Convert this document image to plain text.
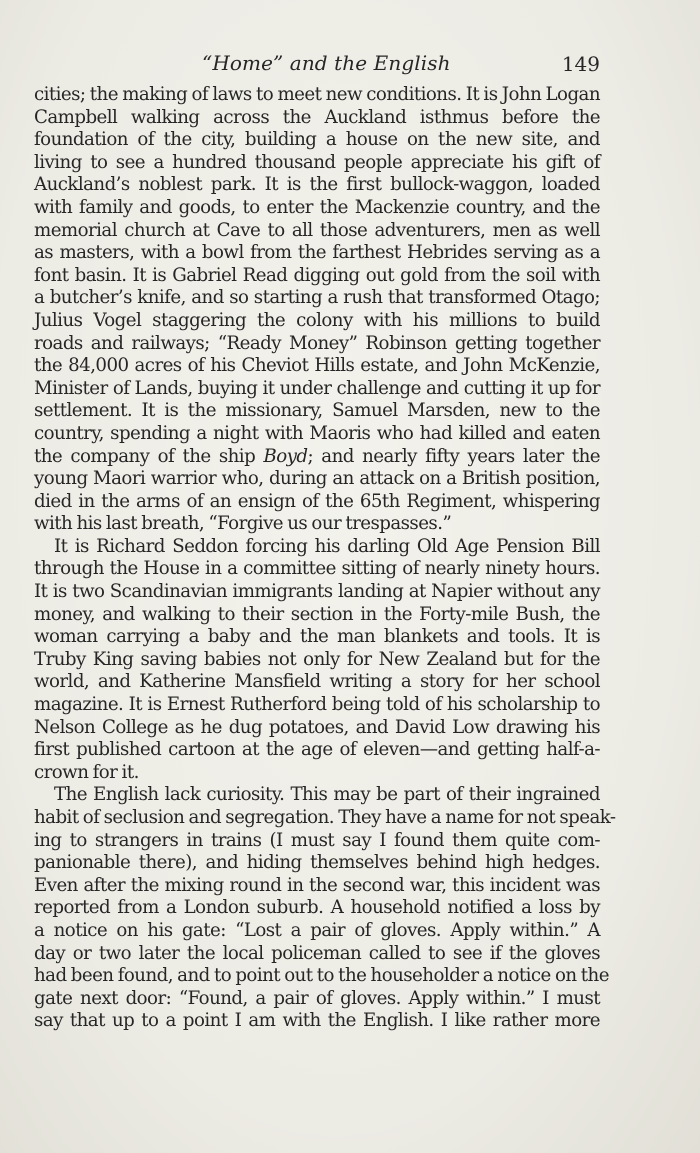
“Home” and the English	149
cities; the making of laws to meet new conditions. It is John Logan
Campbell walking across the Auckland isthmus before the
foundation of the city, building a house on the new site, and
living to see a hundred thousand people appreciate his gift of
Auckland’s noblest park. It is the first bullock-waggon, loaded
with family and goods, to enter the Mackenzie country, and the
memorial church at Cave to all those adventurers, men as well
as masters, with a bowl from the farthest Hebrides serving as a
font basin. It is Gabriel Read digging out gold from the soil with
a butcher’s knife, and so starting a rush that transformed Otago;
Julius Vogel staggering the colony with his millions to build
roads and railways; “Ready Money” Robinson getting together
the 84,000 acres of his Cheviot Hills estate, and John McKenzie,
Minister of Lands, buying it under challenge and cutting it up for
settlement. It is the missionary, Samuel Marsden, new to the
country, spending a night with Maoris who had killed and eaten
the company of the ship Boyd; and nearly fifty years later the
young Maori warrior who, during an attack on a British position,
died in the arms of an ensign of the 65th Regiment, whispering
with his last breath, “Forgive us our trespasses.”
It is Richard Seddon forcing his darling Old Age Pension Bill
through the House in a committee sitting of nearly ninety hours.
It is two Scandinavian immigrants landing at Napier without any
money, and walking to their section in the Forty-mile Bush, the
woman carrying a baby and the man blankets and tools. It is
Truby King saving babies not only for New Zealand but for the
world, and Katherine Mansfield writing a story for her school
magazine. It is Ernest Rutherford being told of his scholarship to
Nelson College as he dug potatoes, and David Low drawing his
first published cartoon at the age of eleven—and getting half-a-
crown for it.
The English lack curiosity. This may be part of their ingrained
habit of seclusion and segregation. They have a name for not speak-
ing to strangers in trains (I must say I found them quite com-
panionable there), and hiding themselves behind high hedges.
Even after the mixing round in the second war, this incident was
reported from a London suburb. A household notified a loss by
a notice on his gate: “Lost a pair of gloves. Apply within.” A
day or two later the local policeman called to see if the gloves
had been found, and to point out to the householder a notice on the
gate next door: “Found, a pair of gloves. Apply within.” I must
say that up to a point I am with the English. I like rather more
